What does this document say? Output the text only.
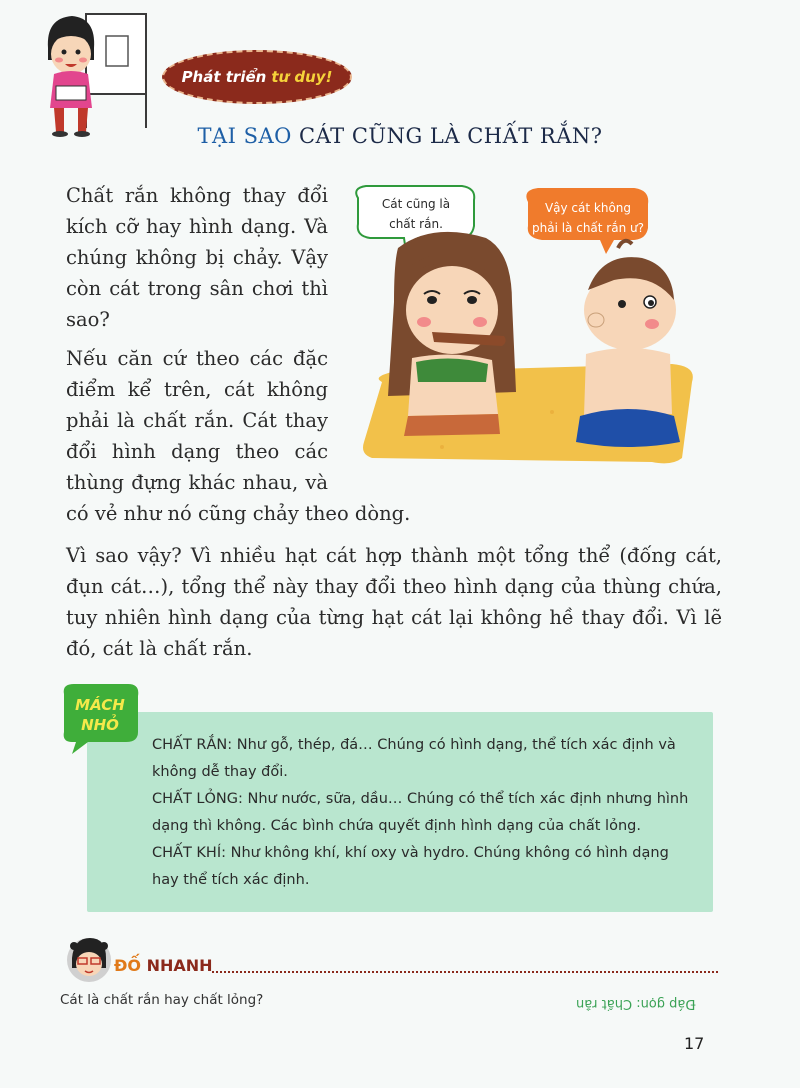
Phát triển tư duy!
TẠI SAO CÁT CŨNG LÀ CHẤT RẮN?
Chất rắn không thay đổi kích cỡ hay hình dạng. Và chúng không bị chảy. Vậy còn cát trong sân chơi thì sao?
Nếu căn cứ theo các đặc điểm kể trên, cát không phải là chất rắn. Cát thay đổi hình dạng theo các thùng đựng khác nhau, và có vẻ như nó cũng chảy theo dòng.
Cát cũng là
chất rắn.
Vậy cát không
phải là chất rắn ư?
Vì sao vậy? Vì nhiều hạt cát hợp thành một tổng thể (đống cát, đụn cát…), tổng thể này thay đổi theo hình dạng của thùng chứa, tuy nhiên hình dạng của từng hạt cát lại không hề thay đổi. Vì lẽ đó, cát là chất rắn.
MÁCH
NHỎ
CHẤT RẮN: Như gỗ, thép, đá… Chúng có hình dạng, thể tích xác định và không dễ thay đổi.
CHẤT LỎNG: Như nước, sữa, dầu… Chúng có thể tích xác định nhưng hình dạng thì không. Các bình chứa quyết định hình dạng của chất lỏng.
CHẤT KHÍ: Như không khí, khí oxy và hydro. Chúng không có hình dạng hay thể tích xác định.
ĐỐ NHANH
Cát là chất rắn hay chất lỏng?	Đáp gọn: Chất rắn
17
